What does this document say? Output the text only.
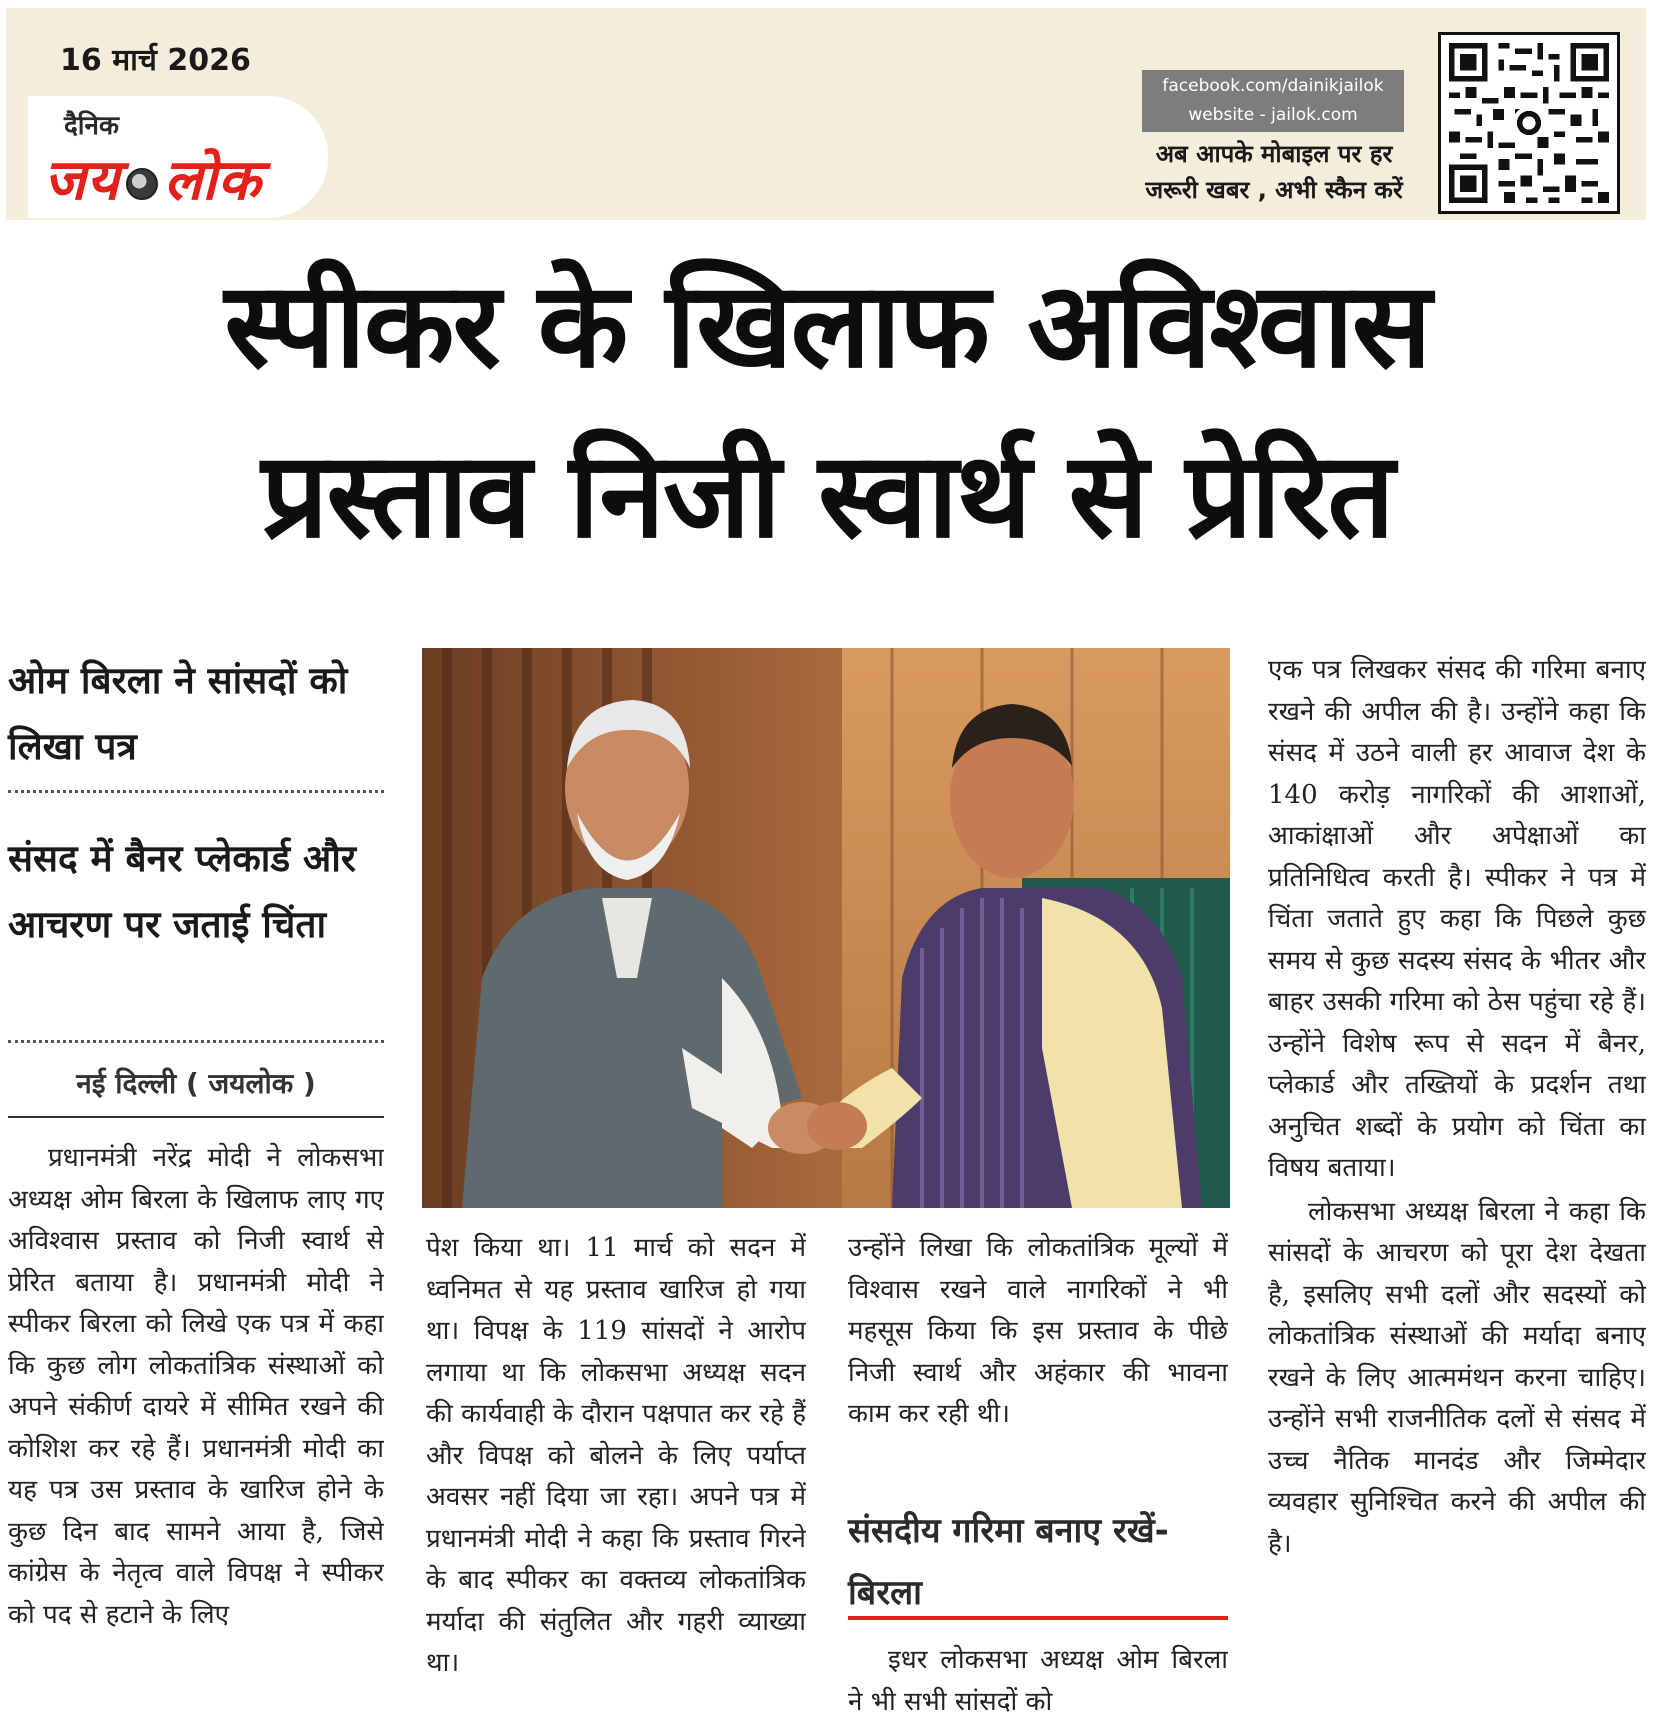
16 मार्च 2026
दैनिक
जय लोक
facebook.com/dainikjailok
website - jailok.com
अब आपके मोबाइल पर हर
जरूरी खबर , अभी स्कैन करें
स्पीकर के खिलाफ अविश्वास
प्रस्ताव निजी स्वार्थ से प्रेरित
ओम बिरला ने सांसदों को लिखा पत्र
संसद में बैनर प्लेकार्ड और आचरण पर जताई चिंता
नई दिल्ली ( जयलोक )

प्रधानमंत्री नरेंद्र मोदी ने लोकसभा अध्यक्ष ओम बिरला के खिलाफ लाए गए अविश्वास प्रस्ताव को निजी स्वार्थ से प्रेरित बताया है। प्रधानमंत्री मोदी ने स्पीकर बिरला को लिखे एक पत्र में कहा कि कुछ लोग लोकतांत्रिक संस्थाओं को अपने संकीर्ण दायरे में सीमित रखने की कोशिश कर रहे हैं। प्रधानमंत्री मोदी का यह पत्र उस प्रस्ताव के खारिज होने के कुछ दिन बाद सामने आया है, जिसे कांग्रेस के नेतृत्व वाले विपक्ष ने स्पीकर को पद से हटाने के लिए

पेश किया था। 11 मार्च को सदन में ध्वनिमत से यह प्रस्ताव खारिज हो गया था। विपक्ष के 119 सांसदों ने आरोप लगाया था कि लोकसभा अध्यक्ष सदन की कार्यवाही के दौरान पक्षपात कर रहे हैं और विपक्ष को बोलने के लिए पर्याप्त अवसर नहीं दिया जा रहा। अपने पत्र में प्रधानमंत्री मोदी ने कहा कि प्रस्ताव गिरने के बाद स्पीकर का वक्तव्य लोकतांत्रिक मर्यादा की संतुलित और गहरी व्याख्या था।

उन्होंने लिखा कि लोकतांत्रिक मूल्यों में विश्वास रखने वाले नागरिकों ने भी महसूस किया कि इस प्रस्ताव के पीछे निजी स्वार्थ और अहंकार की भावना काम कर रही थी।

संसदीय गरिमा बनाए रखें- बिरला

इधर लोकसभा अध्यक्ष ओम बिरला ने भी सभी सांसदों को

एक पत्र लिखकर संसद की गरिमा बनाए रखने की अपील की है। उन्होंने कहा कि संसद में उठने वाली हर आवाज देश के 140 करोड़ नागरिकों की आशाओं, आकांक्षाओं और अपेक्षाओं का प्रतिनिधित्व करती है। स्पीकर ने पत्र में चिंता जताते हुए कहा कि पिछले कुछ समय से कुछ सदस्य संसद के भीतर और बाहर उसकी गरिमा को ठेस पहुंचा रहे हैं। उन्होंने विशेष रूप से सदन में बैनर, प्लेकार्ड और तख्तियों के प्रदर्शन तथा अनुचित शब्दों के प्रयोग को चिंता का विषय बताया।

लोकसभा अध्यक्ष बिरला ने कहा कि सांसदों के आचरण को पूरा देश देखता है, इसलिए सभी दलों और सदस्यों को लोकतांत्रिक संस्थाओं की मर्यादा बनाए रखने के लिए आत्ममंथन करना चाहिए। उन्होंने सभी राजनीतिक दलों से संसद में उच्च नैतिक मानदंड और जिम्मेदार व्यवहार सुनिश्चित करने की अपील की है।
